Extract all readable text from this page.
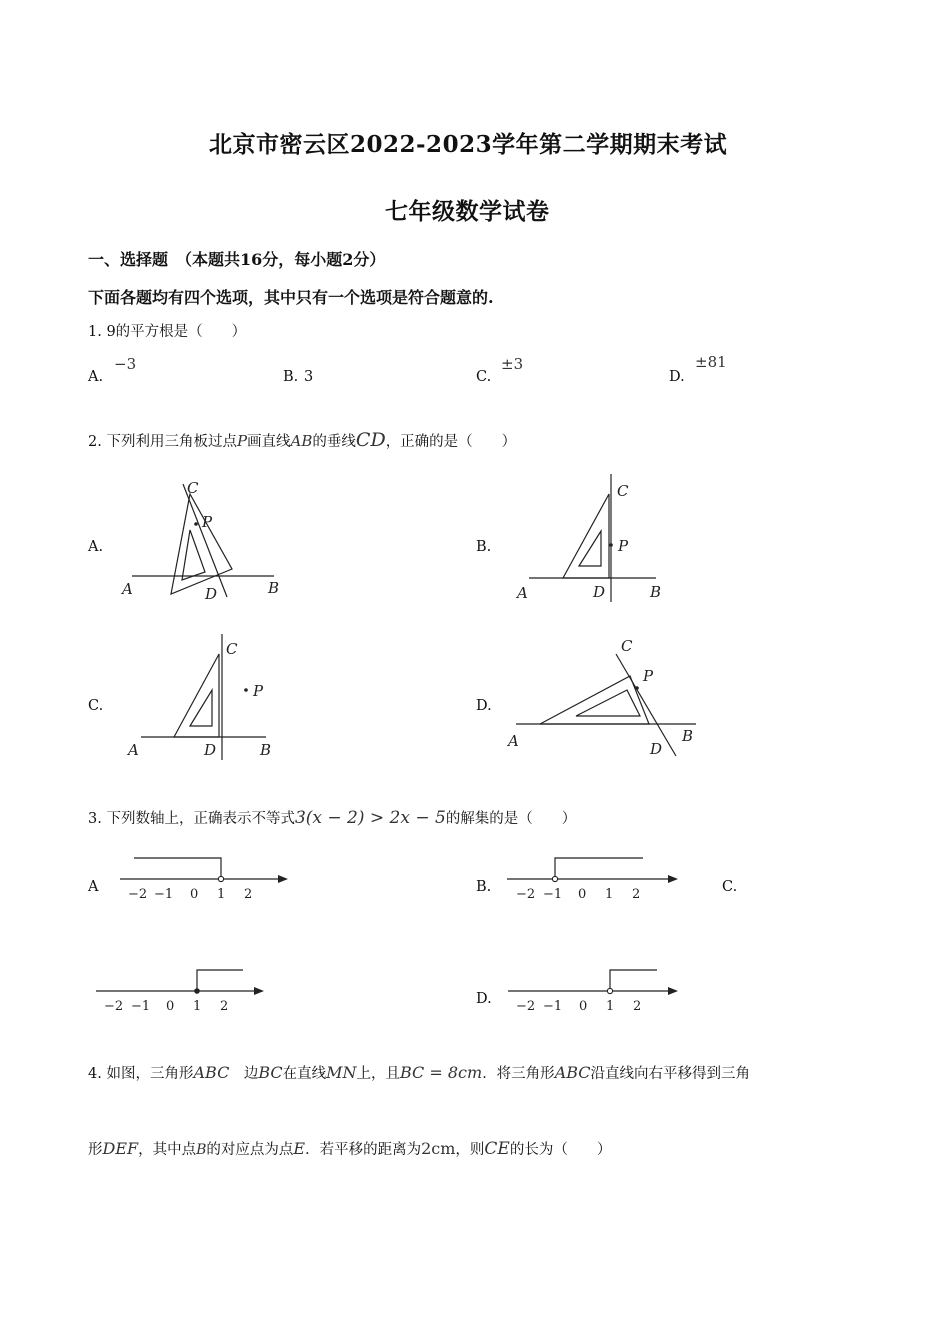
北京市密云区2022-2023学年第二学期期末考试
七年级数学试卷
一、选择题　（本题共16分，每小题2分）
下面各题均有四个选项，其中只有一个选项是符合题意的.
1. 9的平方根是（　　）
A.
−3
B. 3	C.
±3
D.
±81
2. 下列利用三角板过点P画直线AB的垂线CD，正确的是（　　）
A.	B.
C.	D.
C
P
A	D	B
C
P
A	D	B
C
P
A	D	B
C
P
A	D
B
3. 下列数轴上，正确表示不等式3(x − 2) > 2x − 5的解集的是（　　）
A	B.	C.
D.
−2 −1 0 1 2	−2 −1 0 1 2
−2 −1 0 1 2	−2 −1 0 1 2
4. 如图，三角形ABC　 边BC在直线MN上，且BC = 8cm．将三角形ABC沿直线向右平移得到三角
形DEF，其中点B的对应点为点E．若平移的距离为2cm，则CE的长为（　　）
